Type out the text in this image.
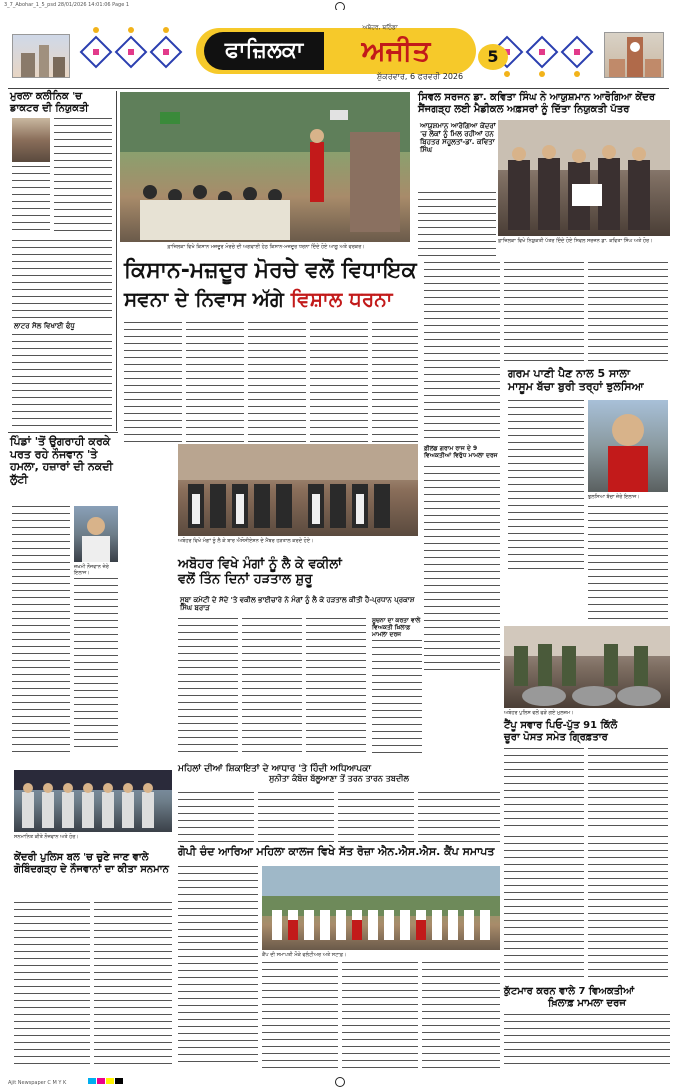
3_7_Abohar_1_5_psd 28/01/2026 14:01:06 Page 1
ਫਾਜ਼ਿਲਕਾ	ਅਜੀਤ
ਅਬੋਹਰ, ਬਠਿੰਡਾ
5
ਸ਼ੁੱਕਰਵਾਰ, 6 ਫਰਵਰੀ 2026
ਮੁਰਲਾ ਕਲੀਨਿਕ 'ਚ ਡਾਕਟਰ ਦੀ ਨਿਯੁਕਤੀ
ਲਾਟਰ ਸੋਲ ਵਿਖਾਈ ਫੰਧੂ
ਫ਼ਾਜ਼ਿਲਕਾ ਵਿਖੇ ਕਿਸਾਨ ਮਜ਼ਦੂਰ ਮੋਰਚੇ ਦੀ ਅਗਵਾਈ ਹੇਠ ਕਿਸਾਨ-ਮਜ਼ਦੂਰ ਧਰਨਾ ਦਿੰਦੇ ਹੋਏ ਆਗੂ ਅਤੇ ਵਰਕਰ।
ਸਿਵਲ ਸਰਜਨ ਡਾ. ਕਵਿਤਾ ਸਿੰਘ ਨੇ ਆਯੁਸ਼ਮਾਨ ਆਰੋਗਿਆ ਕੇਂਦਰ ਸੈਂਜਗੜ੍ਹ ਲਈ ਮੈਡੀਕਲ ਅਫ਼ਸਰਾਂ ਨੂੰ ਦਿੱਤਾ ਨਿਯੁਕਤੀ ਪੱਤਰ
ਆਯੁਸ਼ਮਾਨ ਆਰੋਗਿਆ ਕੇਂਦਰਾਂ 'ਚ ਲੋਕਾਂ ਨੂੰ ਮਿਲ ਰਹੀਆਂ ਹਨ ਬਿਹਤਰ ਸਹੂਲਤਾਂ-ਡਾ. ਕਵਿਤਾ ਸਿੰਘ
ਫ਼ਾਜ਼ਿਲਕਾ ਵਿਖੇ ਨਿਯੁਕਤੀ ਪੱਤਰ ਦਿੰਦੇ ਹੋਏ ਸਿਵਲ ਸਰਜਨ ਡਾ. ਕਵਿਤਾ ਸਿੰਘ ਅਤੇ ਹੋਰ।
ਕਿਸਾਨ-ਮਜ਼ਦੂਰ ਮੋਰਚੇ ਵਲੋਂ ਵਿਧਾਇਕ
ਸਵਨਾ ਦੇ ਨਿਵਾਸ ਅੱਗੇ ਵਿਸ਼ਾਲ ਧਰਨਾ
ਫ਼ੀਲਡ ਗਰਾਮ ਰਾਜ ਦੇ 9 ਵਿਅਕਤੀਆਂ ਵਿਰੁੱਧ ਮਾਮਲਾ ਦਰਜ
ਗਰਮ ਪਾਣੀ ਪੈਣ ਨਾਲ 5 ਸਾਲਾ
ਮਾਸੂਮ ਬੱਚਾ ਬੁਰੀ ਤਰ੍ਹਾਂ ਝੁਲਸਿਆ
ਝੁਲਸਿਆ ਬੱਚਾ ਜ਼ੇਰੇ ਇਲਾਜ।
ਪਿੰਡਾਂ 'ਤੋਂ ਉਗਰਾਹੀ ਕਰਕੇ ਪਰਤ ਰਹੇ ਨੌਜਵਾਨ 'ਤੇ ਹਮਲਾ, ਹਜ਼ਾਰਾਂ ਦੀ ਨਕਦੀ ਲੁੱਟੀ
ਜ਼ਖ਼ਮੀ ਨੌਜਵਾਨ ਜ਼ੇਰੇ ਇਲਾਜ।
ਅਬੋਹਰ ਵਿਖੇ ਮੰਗਾਂ ਨੂੰ ਲੈ ਕੇ ਬਾਰ ਐਸੋਸੀਏਸ਼ਨ ਦੇ ਮੈਂਬਰ ਹੜਤਾਲ ਕਰਦੇ ਹੋਏ।
ਅਬੋਹਰ ਵਿਖੇ ਮੰਗਾਂ ਨੂੰ ਲੈ ਕੇ ਵਕੀਲਾਂ
ਵਲੋਂ ਤਿੰਨ ਦਿਨਾਂ ਹੜਤਾਲ ਸ਼ੁਰੂ
ਸੂਬਾ ਕਮੇਟੀ ਦੇ ਸੱਦੇ 'ਤੇ ਵਕੀਲ ਭਾਈਚਾਰੇ ਨੇ ਮੰਗਾਂ ਨੂੰ ਲੈ ਕੇ ਹੜਤਾਲ ਕੀਤੀ ਹੈ-ਪ੍ਰਧਾਨ ਪ੍ਰਕਾਸ਼ ਸਿੰਘ ਬਰਾੜ
ਸੂਚਨਾ ਦਾ ਕਰਤਾ ਵਾਲੇ ਵਿਅਕਤੀ ਖ਼ਿਲਾਫ਼ ਮਾਮਲਾ ਦਰਜ
ਅਬੋਹਰ ਪੁਲਿਸ ਵਲੋਂ ਫੜੇ ਗਏ ਮੁਲਜ਼ਮ।
ਟੈਂਪੂ ਸਵਾਰ ਪਿਓ-ਪੁੱਤ 91 ਕਿੱਲੋ
ਚੂਰਾ ਪੋਸਤ ਸਮੇਤ ਗ੍ਰਿਫ਼ਤਾਰ
ਮਹਿਲਾਂ ਦੀਆਂ ਸ਼ਿਕਾਇਤਾਂ ਦੇ ਆਧਾਰ 'ਤੇ ਹਿੰਦੀ ਅਧਿਆਪਕਾ
ਸੁਨੀਤਾ ਕੰਬੋਜ਼ ਬੱਲੂਆਣਾ ਤੋਂ ਤਰਨ ਤਾਰਨ ਤਬਦੀਲ
ਸਨਮਾਨਿਤ ਕੀਤੇ ਨੌਜਵਾਨ ਅਤੇ ਹੋਰ।
ਕੇਂਦਰੀ ਪੁਲਿਸ ਬਲ 'ਚ ਚੁਣੇ ਜਾਣ ਵਾਲੇ ਗੋਬਿੰਦਗੜ੍ਹ ਦੇ ਨੌਜਵਾਨਾਂ ਦਾ ਕੀਤਾ ਸਨਮਾਨ
ਗੋਪੀ ਚੰਦ ਆਰਿਆ ਮਹਿਲਾ ਕਾਲਜ ਵਿਖੇ ਸੱਤ ਰੋਜ਼ਾ ਐਨ.ਐਸ.ਐਸ. ਕੈਂਪ ਸਮਾਪਤ
ਕੈਂਪ ਦੀ ਸਮਾਪਤੀ ਮੌਕੇ ਵਲੰਟੀਅਰ ਅਤੇ ਸਟਾਫ਼।
ਕੁੱਟਮਾਰ ਕਰਨ ਵਾਲੇ 7 ਵਿਅਕਤੀਆਂ
ਖ਼ਿਲਾਫ਼ ਮਾਮਲਾ ਦਰਜ
Ajit Newspaper C M Y K
